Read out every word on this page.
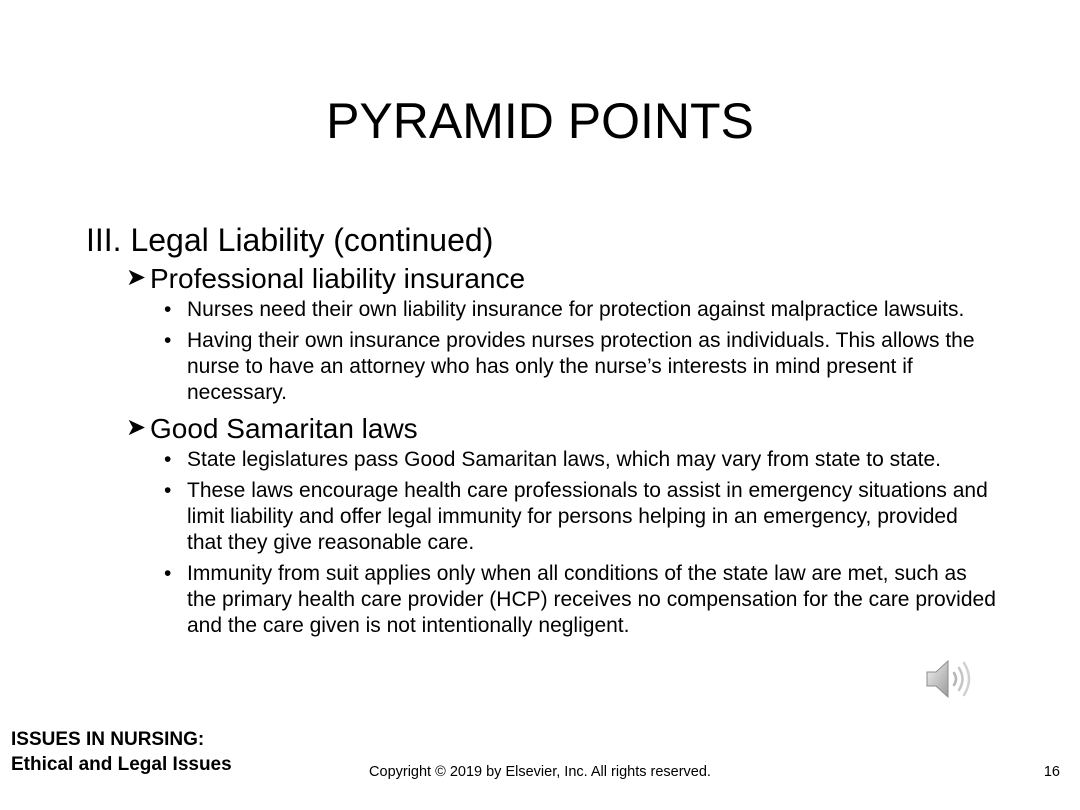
PYRAMID POINTS

III. Legal Liability (continued)

➤ Professional liability insurance

• Nurses need their own liability insurance for protection against malpractice lawsuits.
• Having their own insurance provides nurses protection as individuals. This allows the nurse to have an attorney who has only the nurse’s interests in mind present if necessary.

➤ Good Samaritan laws

• State legislatures pass Good Samaritan laws, which may vary from state to state.
• These laws encourage health care professionals to assist in emergency situations and limit liability and offer legal immunity for persons helping in an emergency, provided that they give reasonable care.
• Immunity from suit applies only when all conditions of the state law are met, such as the primary health care provider (HCP) receives no compensation for the care provided and the care given is not intentionally negligent.
ISSUES IN NURSING:
Ethical and Legal Issues	Copyright © 2019 by Elsevier, Inc. All rights reserved.	16
